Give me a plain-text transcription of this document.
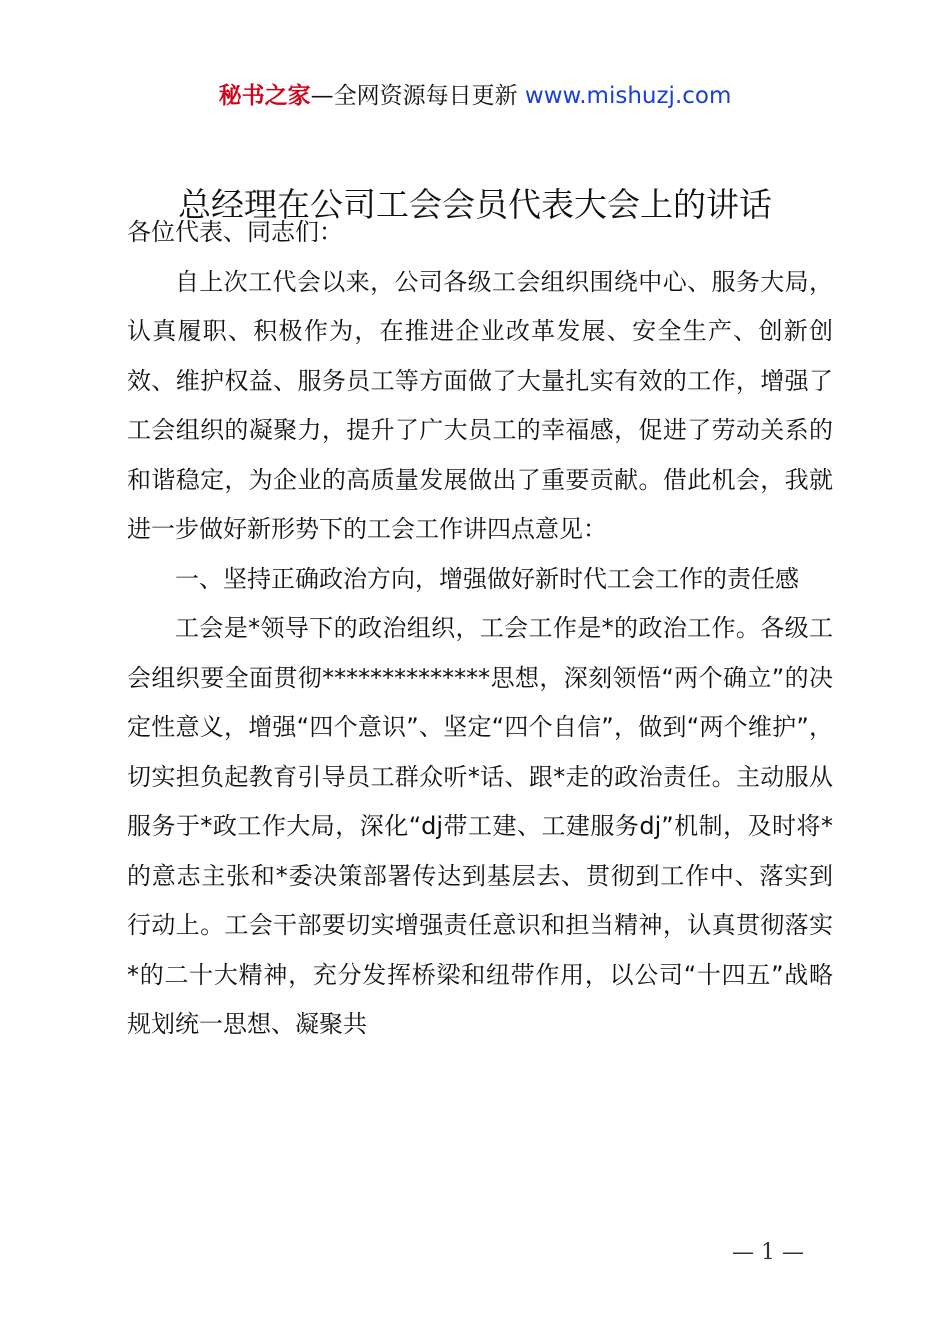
秘书之家—全网资源每日更新 www.mishuzj.com
总经理在公司工会会员代表大会上的讲话

各位代表、同志们：

自上次工代会以来，公司各级工会组织围绕中心、服务大局，认真履职、积极作为，在推进企业改革发展、安全生产、创新创效、维护权益、服务员工等方面做了大量扎实有效的工作，增强了工会组织的凝聚力，提升了广大员工的幸福感，促进了劳动关系的和谐稳定，为企业的高质量发展做出了重要贡献。借此机会，我就进一步做好新形势下的工会工作讲四点意见：

一、坚持正确政治方向，增强做好新时代工会工作的责任感

工会是*领导下的政治组织，工会工作是*的政治工作。各级工会组织要全面贯彻**************思想，深刻领悟“两个确立”的决定性意义，增强“四个意识”、坚定“四个自信”，做到“两个维护”，切实担负起教育引导员工群众听*话、跟*走的政治责任。主动服从服务于*政工作大局，深化“dj带工建、工建服务dj”机制，及时将*的意志主张和*委决策部署传达到基层去、贯彻到工作中、落实到行动上。工会干部要切实增强责任意识和担当精神，认真贯彻落实*的二十大精神，充分发挥桥梁和纽带作用，以公司“十四五”战略规划统一思想、凝聚共

— 1 —
